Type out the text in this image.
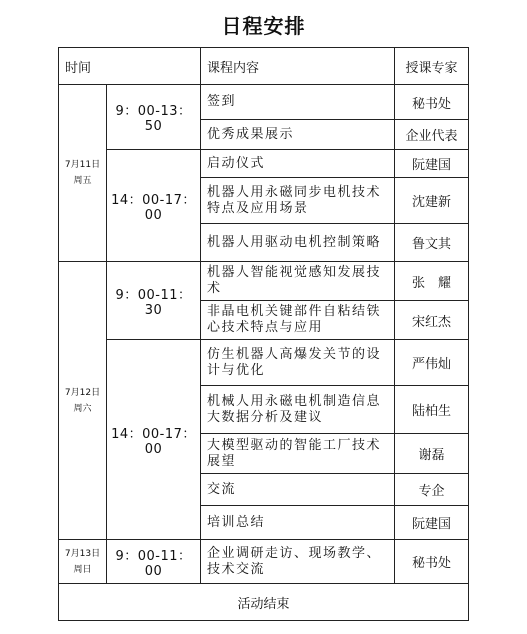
日程安排
时间		课程内容	授课专家

7月11日
周五	9：00-13：50	签到	秘书处
		优秀成果展示	企业代表
	14：00-17：00	启动仪式	阮建国
		机器人用永磁同步电机技术特点及应用场景	沈建新
		机器人用驱动电机控制策略	鲁文其

7月12日
周六	9：00-11：30	机器人智能视觉感知发展技术	张　耀
		非晶电机关键部件自粘结铁心技术特点与应用	宋红杰
	14：00-17：00	仿生机器人高爆发关节的设计与优化	严伟灿
		机械人用永磁电机制造信息大数据分析及建议	陆柏生
		大模型驱动的智能工厂技术展望	谢磊
		交流	专企
		培训总结	阮建国

7月13日
周日	9：00-11：00	企业调研走访、现场教学、技术交流	秘书处
活动结束			
